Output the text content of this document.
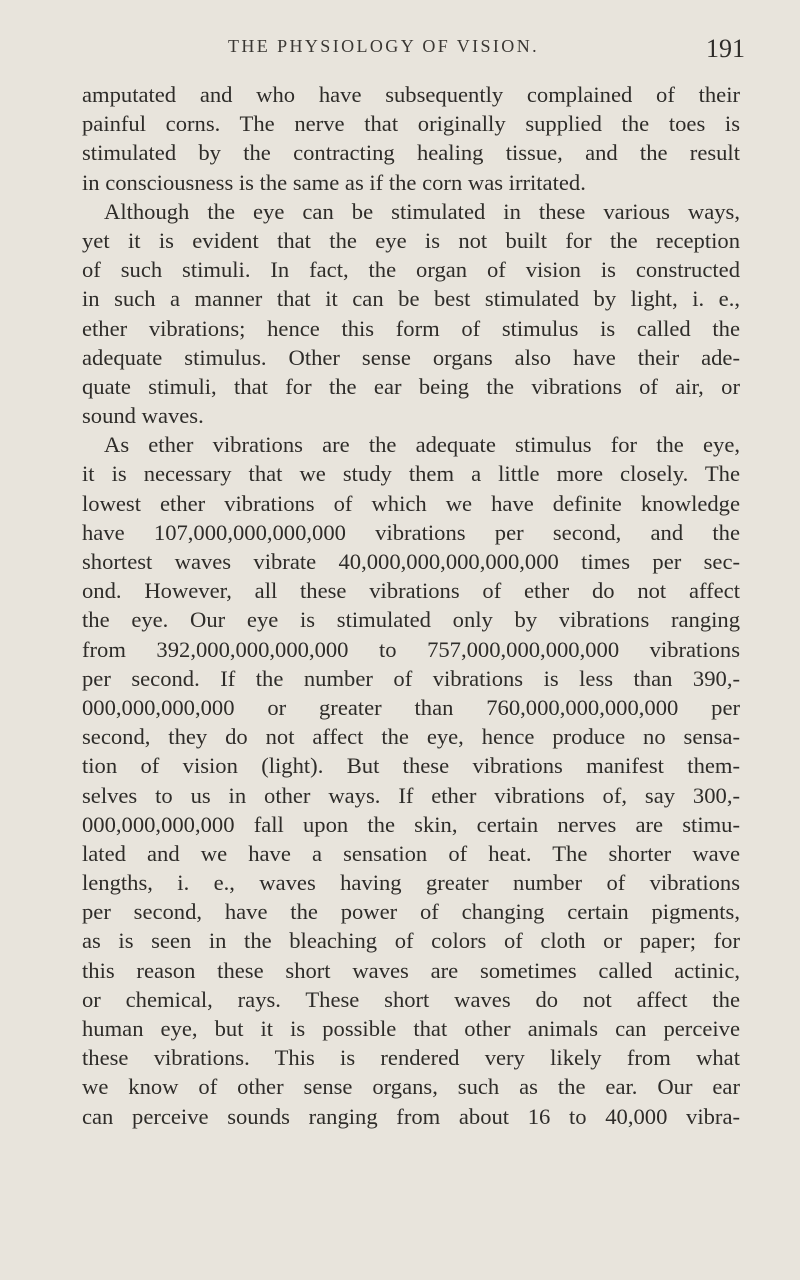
THE PHYSIOLOGY OF VISION.	191
amputated and who have subsequently complained of their
painful corns. The nerve that originally supplied the toes is
stimulated by the contracting healing tissue, and the result
in consciousness is the same as if the corn was irritated.
Although the eye can be stimulated in these various ways,
yet it is evident that the eye is not built for the reception
of such stimuli. In fact, the organ of vision is constructed
in such a manner that it can be best stimulated by light, i. e.,
ether vibrations; hence this form of stimulus is called the
adequate stimulus. Other sense organs also have their ade-
quate stimuli, that for the ear being the vibrations of air, or
sound waves.
As ether vibrations are the adequate stimulus for the eye,
it is necessary that we study them a little more closely. The
lowest ether vibrations of which we have definite knowledge
have 107,000,000,000,000 vibrations per second, and the
shortest waves vibrate 40,000,000,000,000,000 times per sec-
ond. However, all these vibrations of ether do not affect
the eye. Our eye is stimulated only by vibrations ranging
from 392,000,000,000,000 to 757,000,000,000,000 vibrations
per second. If the number of vibrations is less than 390,-
000,000,000,000 or greater than 760,000,000,000,000 per
second, they do not affect the eye, hence produce no sensa-
tion of vision (light). But these vibrations manifest them-
selves to us in other ways. If ether vibrations of, say 300,-
000,000,000,000 fall upon the skin, certain nerves are stimu-
lated and we have a sensation of heat. The shorter wave
lengths, i. e., waves having greater number of vibrations
per second, have the power of changing certain pigments,
as is seen in the bleaching of colors of cloth or paper; for
this reason these short waves are sometimes called actinic,
or chemical, rays. These short waves do not affect the
human eye, but it is possible that other animals can perceive
these vibrations. This is rendered very likely from what
we know of other sense organs, such as the ear. Our ear
can perceive sounds ranging from about 16 to 40,000 vibra-
